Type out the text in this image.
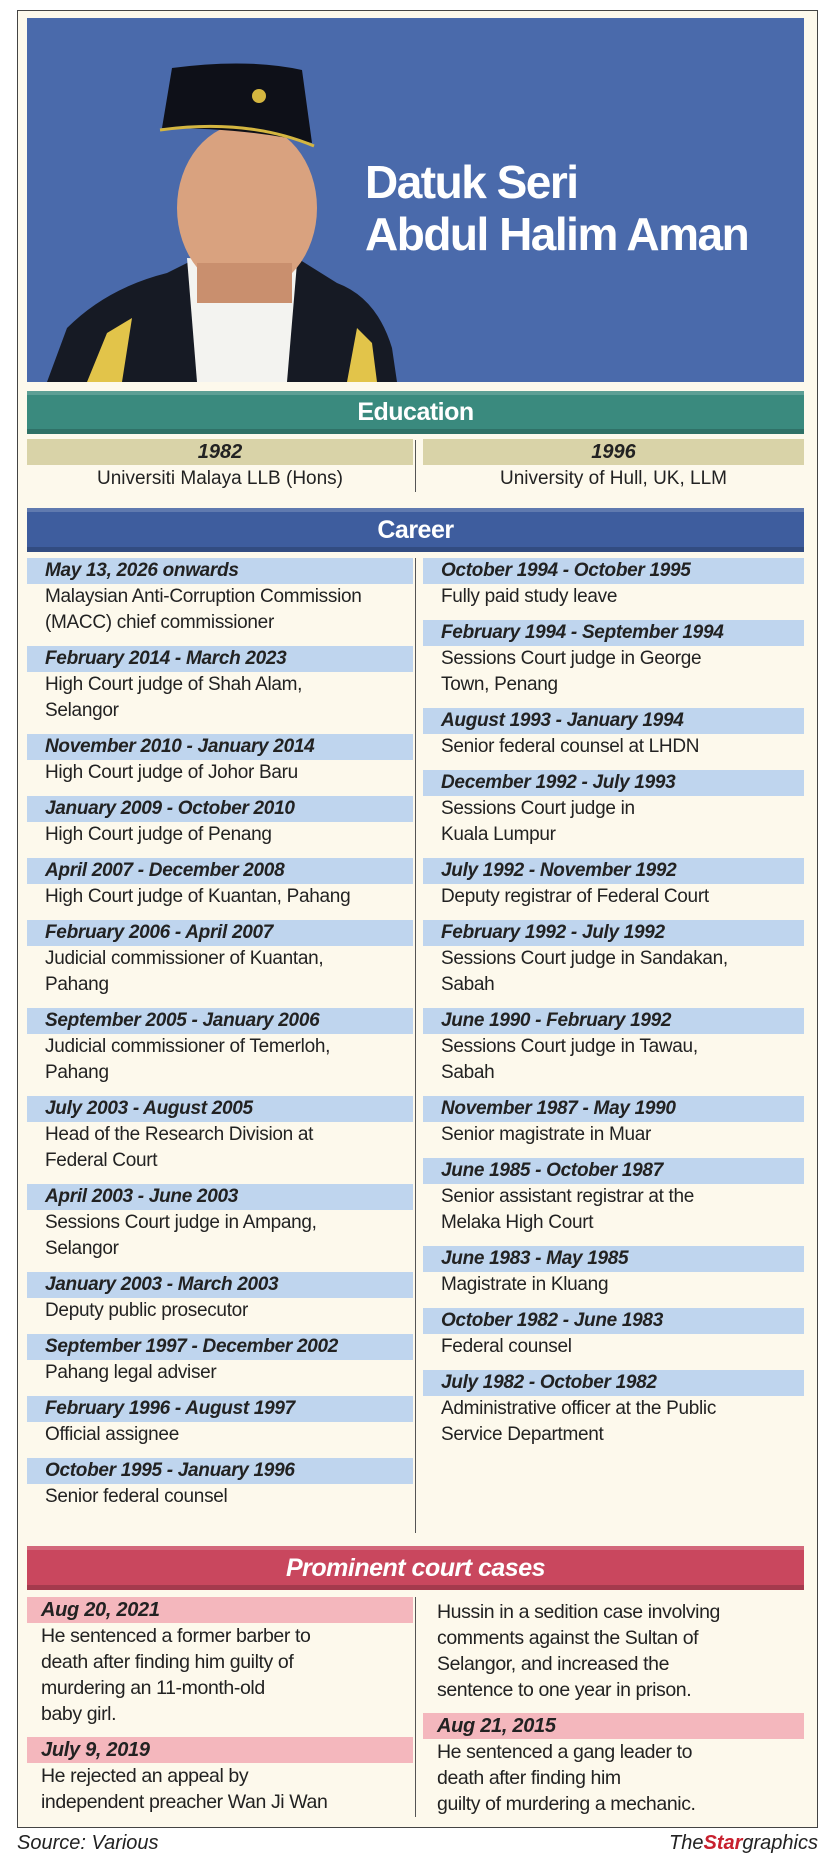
Datuk Seri
Abdul Halim Aman
Education
1982
Universiti Malaya LLB (Hons)
1996
University of Hull, UK, LLM
Career
May 13, 2026 onwards
Malaysian Anti-Corruption Commission
(MACC) chief commissioner
February 2014 - March 2023
High Court judge of Shah Alam,
Selangor
November 2010 - January 2014
High Court judge of Johor Baru
January 2009 - October 2010
High Court judge of Penang
April 2007 - December 2008
High Court judge of Kuantan, Pahang
February 2006 - April 2007
Judicial commissioner of Kuantan,
Pahang
September 2005 - January 2006
Judicial commissioner of Temerloh,
Pahang
July 2003 - August 2005
Head of the Research Division at
Federal Court
April 2003 - June 2003
Sessions Court judge in Ampang,
Selangor
January 2003 - March 2003
Deputy public prosecutor
September 1997 - December 2002
Pahang legal adviser
February 1996 - August 1997
Official assignee
October 1995 - January 1996
Senior federal counsel
October 1994 - October 1995
Fully paid study leave
February 1994 - September 1994
Sessions Court judge in George
Town, Penang
August 1993 - January 1994
Senior federal counsel at LHDN
December 1992 - July 1993
Sessions Court judge in
Kuala Lumpur
July 1992 - November 1992
Deputy registrar of Federal Court
February 1992 - July 1992
Sessions Court judge in Sandakan,
Sabah
June 1990 - February 1992
Sessions Court judge in Tawau,
Sabah
November 1987 - May 1990
Senior magistrate in Muar
June 1985 - October 1987
Senior assistant registrar at the
Melaka High Court
June 1983 - May 1985
Magistrate in Kluang
October 1982 - June 1983
Federal counsel
July 1982 - October 1982
Administrative officer at the Public
Service Department
Prominent court cases
Aug 20, 2021
He sentenced a former barber to
death after finding him guilty of
murdering an 11-month-old
baby girl.
July 9, 2019
He rejected an appeal by
independent preacher Wan Ji Wan
Hussin in a sedition case involving
comments against the Sultan of
Selangor, and increased the
sentence to one year in prison.
Aug 21, 2015
He sentenced a gang leader to
death after finding him
guilty of murdering a mechanic.
Source: Various	TheStargraphics
